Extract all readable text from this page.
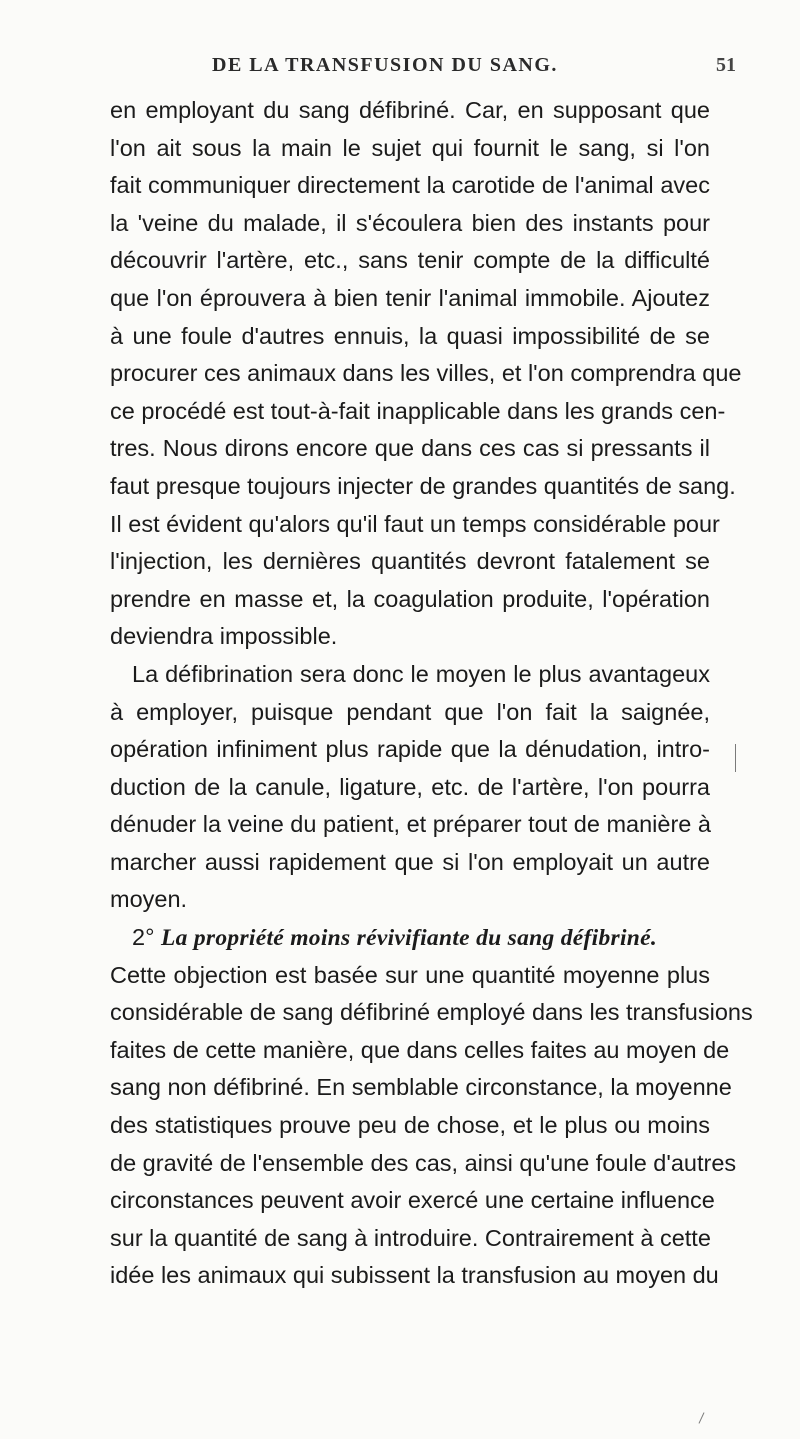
DE LA TRANSFUSION DU SANG.	51
en employant du sang défibriné. Car, en supposant que
l'on ait sous la main le sujet qui fournit le sang, si l'on
fait communiquer directement la carotide de l'animal avec
la 'veine du malade, il s'écoulera bien des instants pour
découvrir l'artère, etc., sans tenir compte de la difficulté
que l'on éprouvera à bien tenir l'animal immobile. Ajoutez
à une foule d'autres ennuis, la quasi impossibilité de se
procurer ces animaux dans les villes, et l'on comprendra que
ce procédé est tout-à-fait inapplicable dans les grands cen-
tres. Nous dirons encore que dans ces cas si pressants il
faut presque toujours injecter de grandes quantités de sang.
Il est évident qu'alors qu'il faut un temps considérable pour
l'injection, les dernières quantités devront fatalement se
prendre en masse et, la coagulation produite, l'opération
deviendra impossible.
La défibrination sera donc le moyen le plus avantageux
à employer, puisque pendant que l'on fait la saignée,
opération infiniment plus rapide que la dénudation, intro-
duction de la canule, ligature, etc. de l'artère, l'on pourra
dénuder la veine du patient, et préparer tout de manière à
marcher aussi rapidement que si l'on employait un autre
moyen.
2° La propriété moins révivifiante du sang défibriné.
Cette objection est basée sur une quantité moyenne plus
considérable de sang défibriné employé dans les transfusions
faites de cette manière, que dans celles faites au moyen de
sang non défibriné. En semblable circonstance, la moyenne
des statistiques prouve peu de chose, et le plus ou moins
de gravité de l'ensemble des cas, ainsi qu'une foule d'autres
circonstances peuvent avoir exercé une certaine influence
sur la quantité de sang à introduire. Contrairement à cette
idée les animaux qui subissent la transfusion au moyen du
